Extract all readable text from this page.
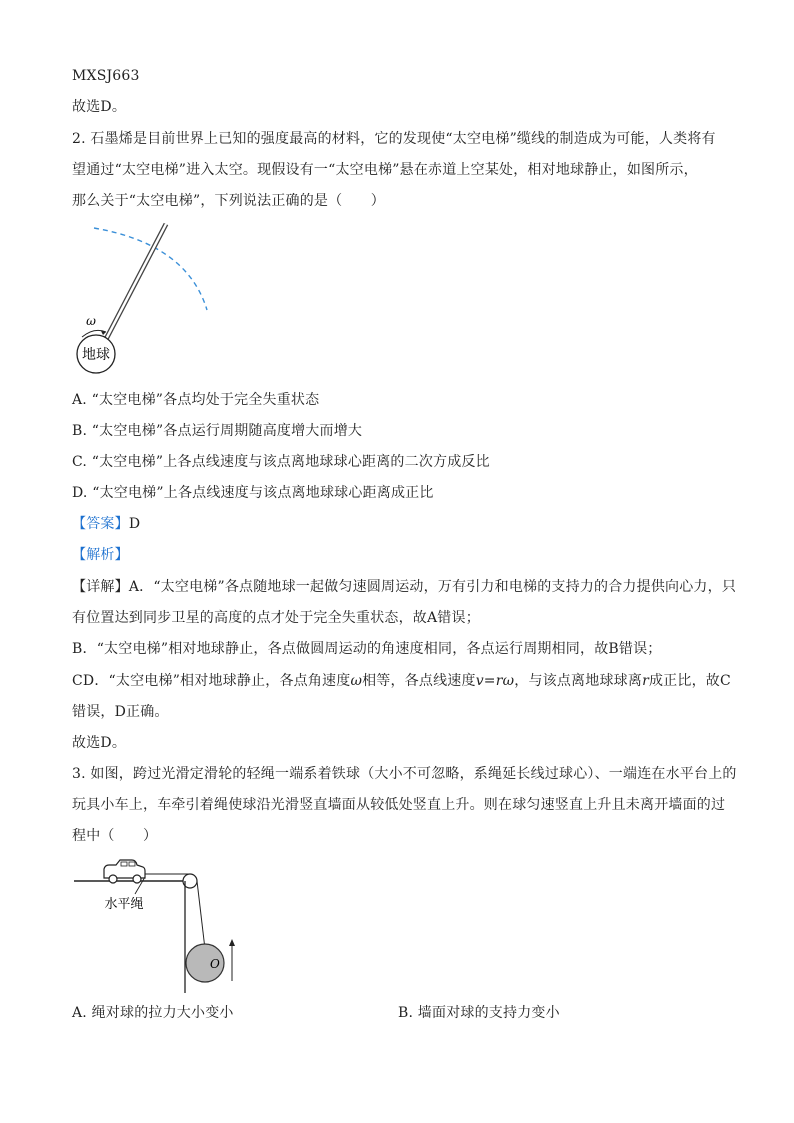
MXSJ663
故选D。
2. 石墨烯是目前世界上已知的强度最高的材料，它的发现使“太空电梯”缆线的制造成为可能，人类将有
望通过“太空电梯”进入太空。现假设有一“太空电梯”悬在赤道上空某处，相对地球静止，如图所示，
那么关于“太空电梯”，下列说法正确的是（　　）
地球
ω
A. “太空电梯”各点均处于完全失重状态
B. “太空电梯”各点运行周期随高度增大而增大
C. “太空电梯”上各点线速度与该点离地球球心距离的二次方成反比
D. “太空电梯”上各点线速度与该点离地球球心距离成正比
【答案】D
【解析】
【详解】A．“太空电梯”各点随地球一起做匀速圆周运动，万有引力和电梯的支持力的合力提供向心力，只
有位置达到同步卫星的高度的点才处于完全失重状态，故A错误；
B．“太空电梯”相对地球静止，各点做圆周运动的角速度相同，各点运行周期相同，故B错误；
CD．“太空电梯”相对地球静止，各点角速度ω相等，各点线速度v=rω，与该点离地球球离r成正比，故C
错误，D正确。
故选D。
3. 如图，跨过光滑定滑轮的轻绳一端系着铁球（大小不可忽略，系绳延长线过球心）、一端连在水平台上的
玩具小车上，车牵引着绳使球沿光滑竖直墙面从较低处竖直上升。则在球匀速竖直上升且未离开墙面的过
程中（　　）
O
水平绳
A. 绳对球的拉力大小变小	B. 墙面对球的支持力变小
